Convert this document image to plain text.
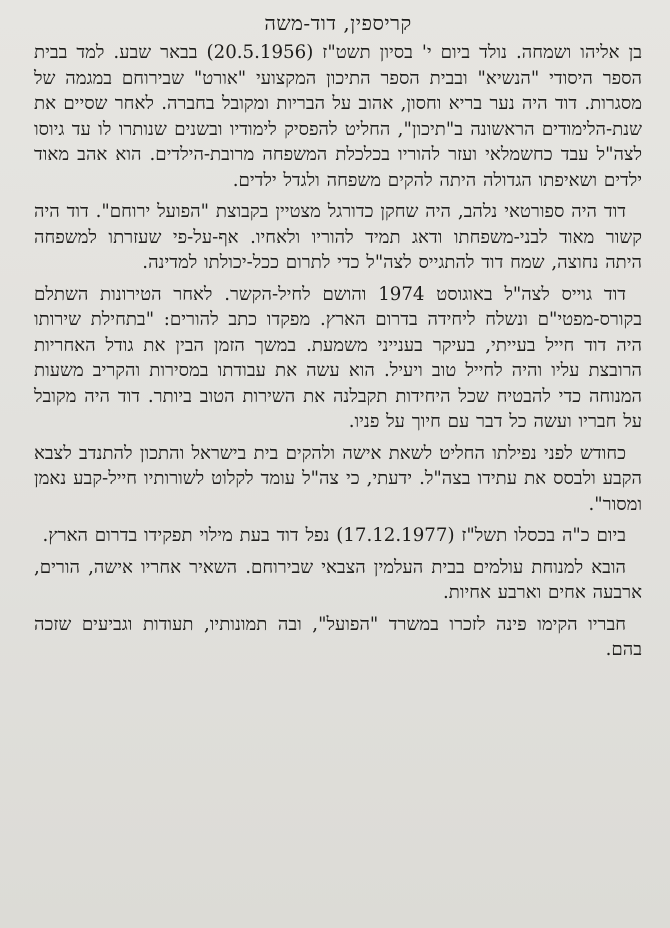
קריספין, דוד-משה

בן אליהו ושמחה. נולד ביום י' בסיון תשט"ז (20.5.1956) בבאר שבע. למד בבית הספר היסודי "הנשיא" ובבית הספר התיכון המקצועי "אורט" שבירוחם במגמה של מסגרות. דוד היה נער בריא וחסון, אהוב על הבריות ומקובל בחברה. לאחר שסיים את שנת-הלימודים הראשונה ב"תיכון", החליט להפסיק לימודיו ובשנים שנותרו לו עד גיוסו לצה"ל עבד כחשמלאי ועזר להוריו בכלכלת המשפחה מרובת-הילדים. הוא אהב מאוד ילדים ושאיפתו הגדולה היתה להקים משפחה ולגדל ילדים.

דוד היה ספורטאי נלהב, היה שחקן כדורגל מצטיין בקבוצת "הפועל ירוחם". דוד היה קשור מאוד לבני-משפחתו ודאג תמיד להוריו ולאחיו. אף-על-פי שעזרתו למשפחה היתה נחוצה, שמח דוד להתגייס לצה"ל כדי לתרום ככל-יכולתו למדינה.

דוד גוייס לצה"ל באוגוסט 1974 והושם לחיל-הקשר. לאחר הטירונות השתלם בקורס-מפטי"ם ונשלח ליחידה בדרום הארץ. מפקדו כתב להורים: "בתחילת שירותו היה דוד חייל בעייתי, בעיקר בענייני משמעת. במשך הזמן הבין את גודל האחריות הרובצת עליו והיה לחייל טוב ויעיל. הוא עשה את עבודתו במסירות והקריב משעות המנוחה כדי להבטיח שכל היחידות תקבלנה את השירות הטוב ביותר. דוד היה מקובל על חבריו ועשה כל דבר עם חיוך על פניו.

כחודש לפני נפילתו החליט לשאת אישה ולהקים בית בישראל והתכון להתנדב לצבא הקבע ולבסס את עתידו בצה"ל. ידעתי, כי צה"ל עומד לקלוט לשורותיו חייל-קבע נאמן ומסור".

ביום כ"ה בכסלו תשל"ז (17.12.1977) נפל דוד בעת מילוי תפקידו בדרום הארץ.

הובא למנוחת עולמים בבית העלמין הצבאי שבירוחם. השאיר אחריו אישה, הורים, ארבעה אחים וארבע אחיות.

חבריו הקימו פינה לזכרו במשרד "הפועל", ובה תמונותיו, תעודות וגביעים שזכה בהם.
